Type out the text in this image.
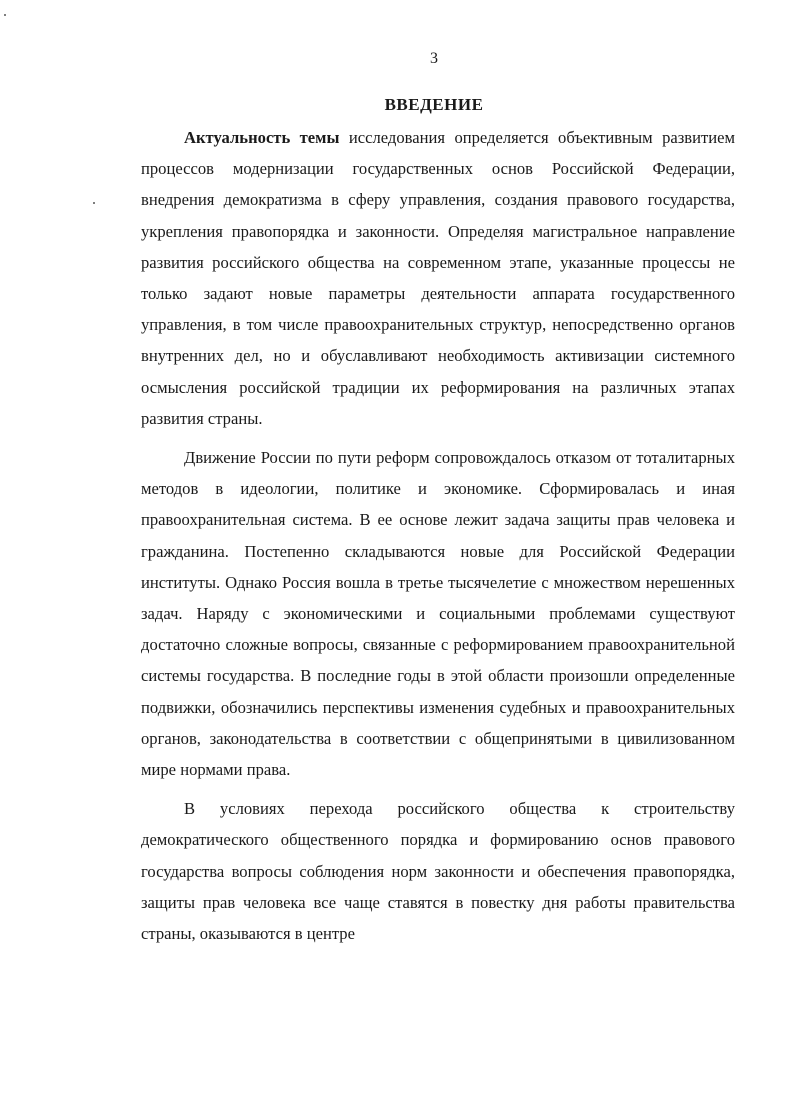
3
ВВЕДЕНИЕ

Актуальность темы исследования определяется объективным развитием процессов модернизации государственных основ Российской Федерации, внедрения демократизма в сферу управления, создания правового государства, укрепления правопорядка и законности. Определяя магистральное направление развития российского общества на современном этапе, указанные процессы не только задают новые параметры деятельности аппарата государственного управления, в том числе правоохранительных структур, непосредственно органов внутренних дел, но и обуславливают необходимость активизации системного осмысления российской традиции их реформирования на различных этапах развития страны.

Движение России по пути реформ сопровождалось отказом от тоталитарных методов в идеологии, политике и экономике. Сформировалась и иная правоохранительная система. В ее основе лежит задача защиты прав человека и гражданина. Постепенно складываются новые для Российской Федерации институты. Однако Россия вошла в третье тысячелетие с множеством нерешенных задач. Наряду с экономическими и социальными проблемами существуют достаточно сложные вопросы, связанные с реформированием правоохранительной системы государства. В последние годы в этой области произошли определенные подвижки, обозначились перспективы изменения судебных и правоохранительных органов, законодательства в соответствии с общепринятыми в цивилизованном мире нормами права.

В условиях перехода российского общества к строительству демократического общественного порядка и формированию основ правового государства вопросы соблюдения норм законности и обеспечения правопорядка, защиты прав человека все чаще ставятся в повестку дня работы правительства страны, оказываются в центре
